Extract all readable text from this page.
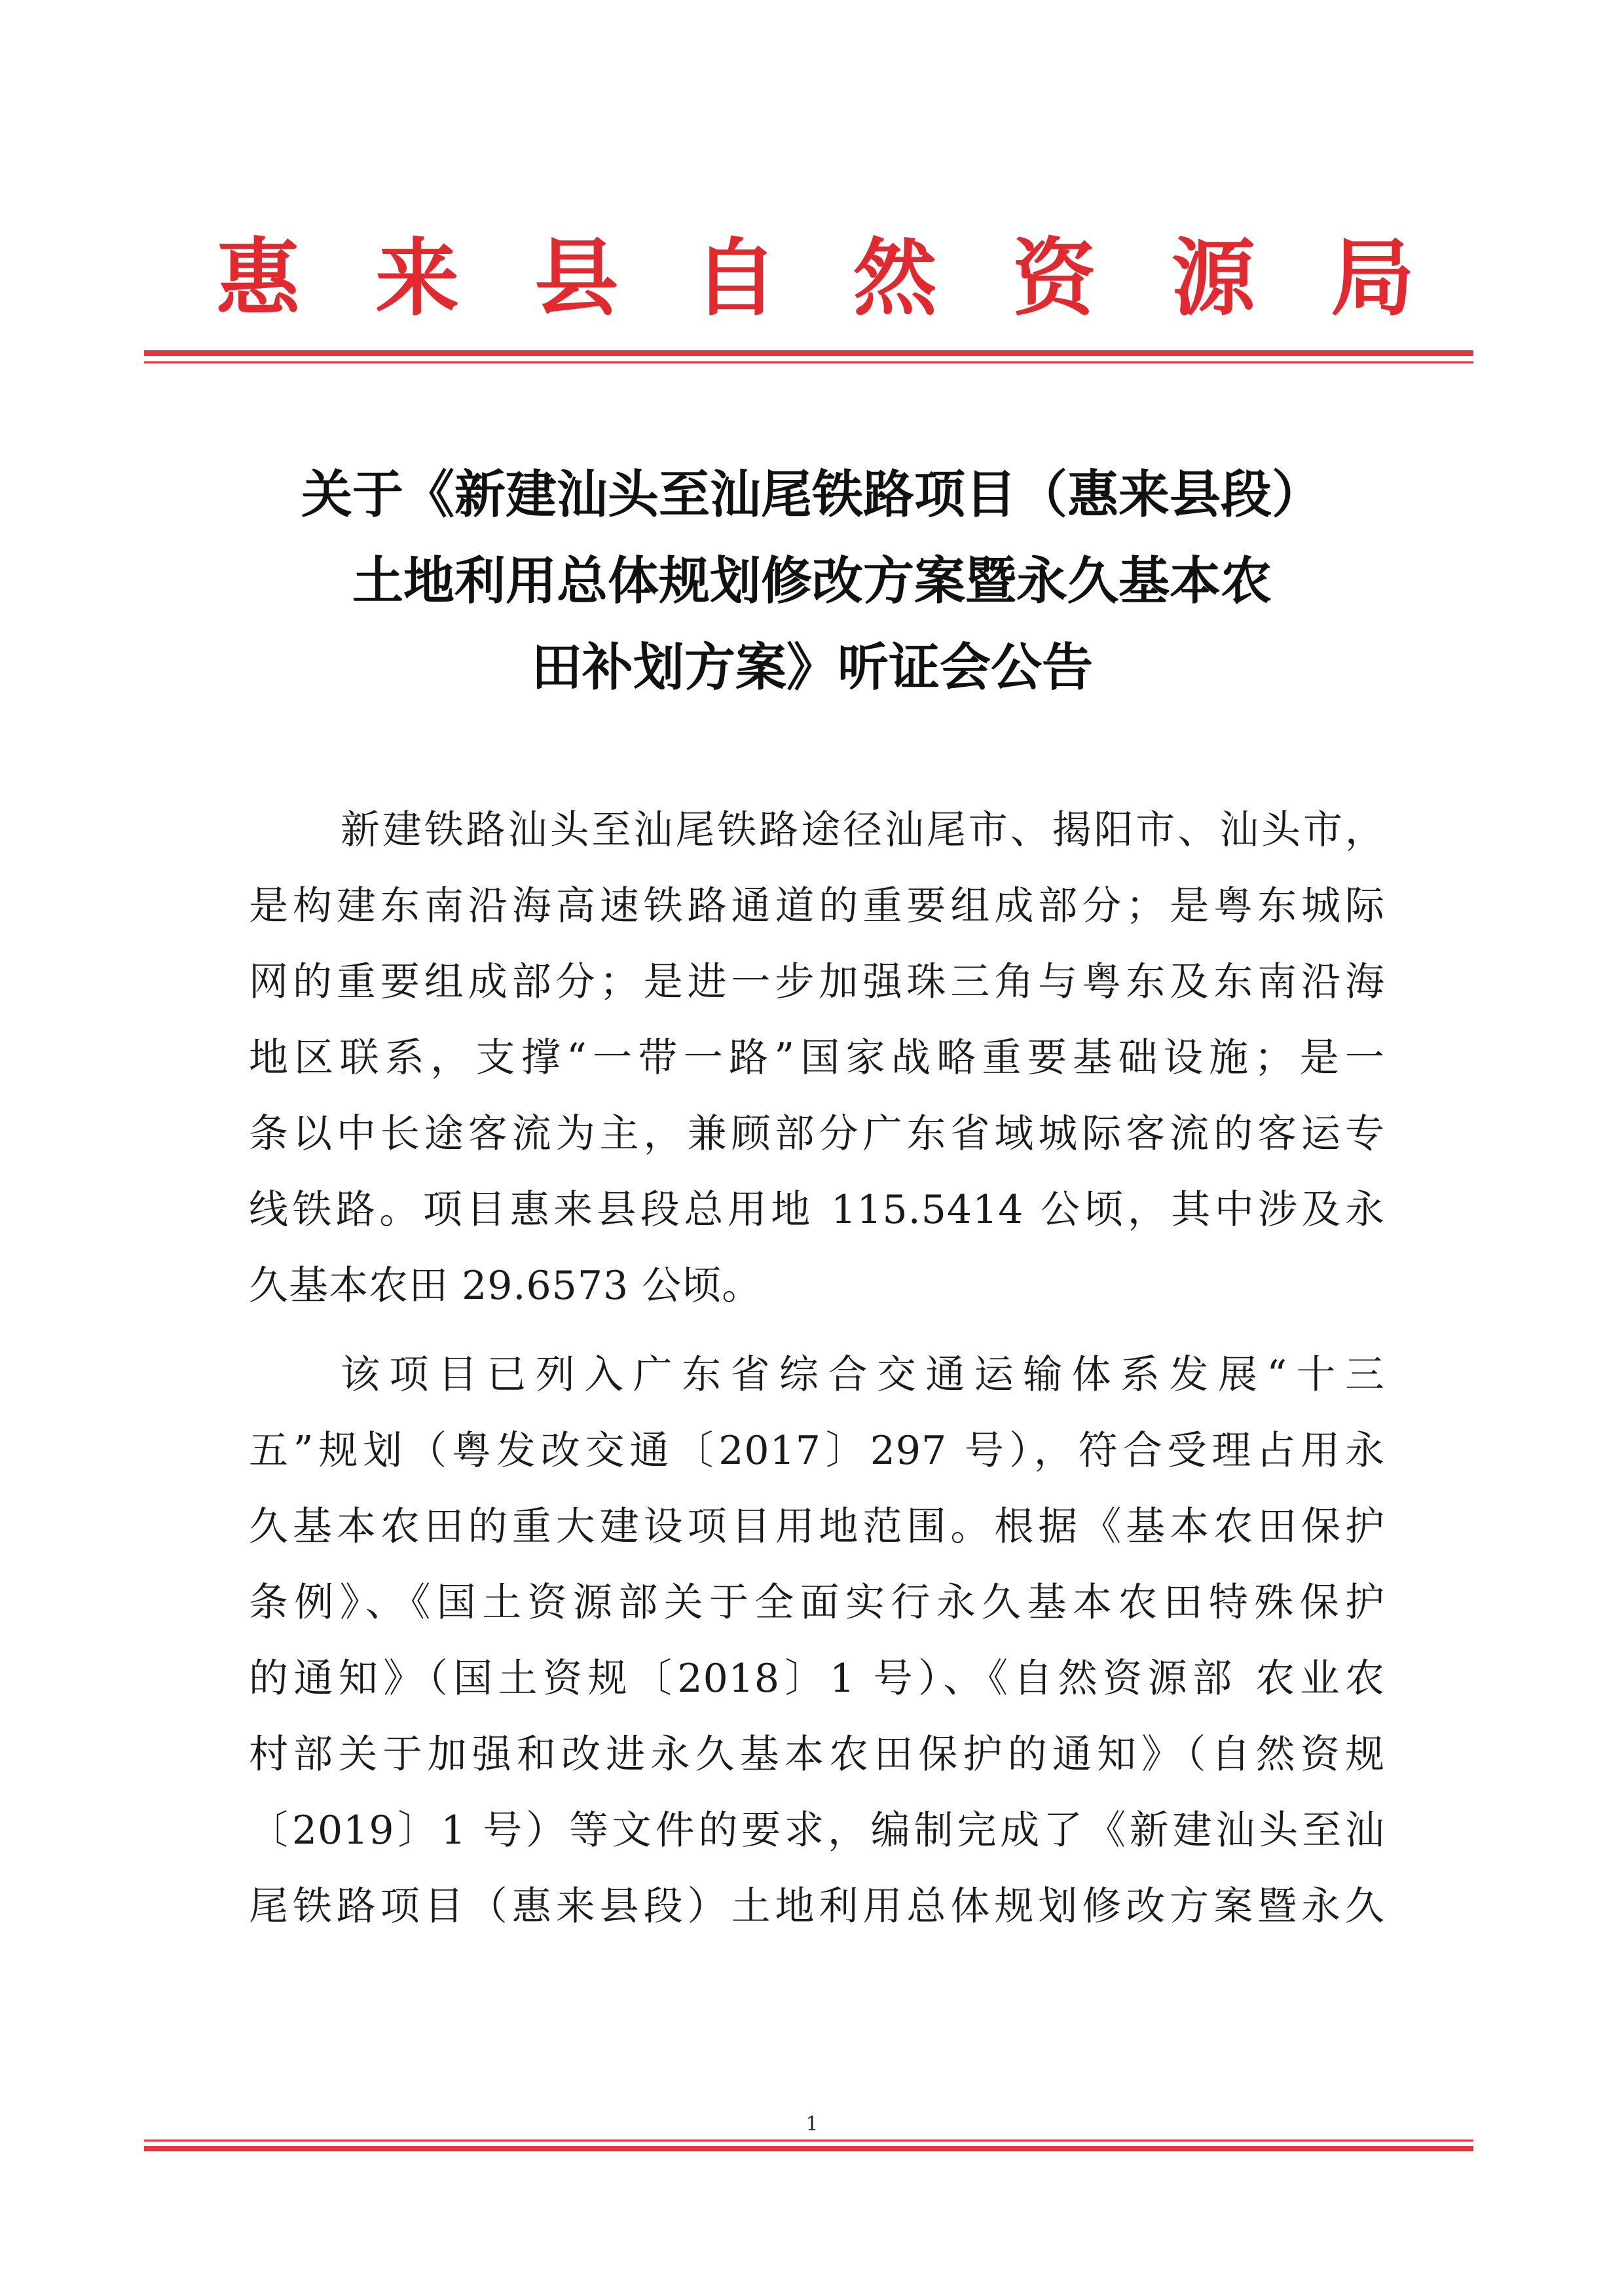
惠 来 县 自 然 资 源 局
关于《新建汕头至汕尾铁路项目（惠来县段）
土地利用总体规划修改方案暨永久基本农
田补划方案》听证会公告
新建铁路汕头至汕尾铁路途径汕尾市、揭阳市、汕头市，
是构建东南沿海高速铁路通道的重要组成部分；是粤东城际
网的重要组成部分；是进一步加强珠三角与粤东及东南沿海
地区联系，支撑“一带一路”国家战略重要基础设施；是一
条以中长途客流为主，兼顾部分广东省域城际客流的客运专
线铁路。项目惠来县段总用地 115.5414 公顷，其中涉及永
久基本农田 29.6573 公顷。
该项目已列入广东省综合交通运输体系发展“十三
五”规划（粤发改交通〔2017〕297 号），符合受理占用永
久基本农田的重大建设项目用地范围。根据《基本农田保护
条例》、《国土资源部关于全面实行永久基本农田特殊保护
的通知》（国土资规〔2018〕1 号）、《自然资源部 农业农
村部关于加强和改进永久基本农田保护的通知》（自然资规
〔2019〕1 号）等文件的要求，编制完成了《新建汕头至汕
尾铁路项目（惠来县段）土地利用总体规划修改方案暨永久
1
